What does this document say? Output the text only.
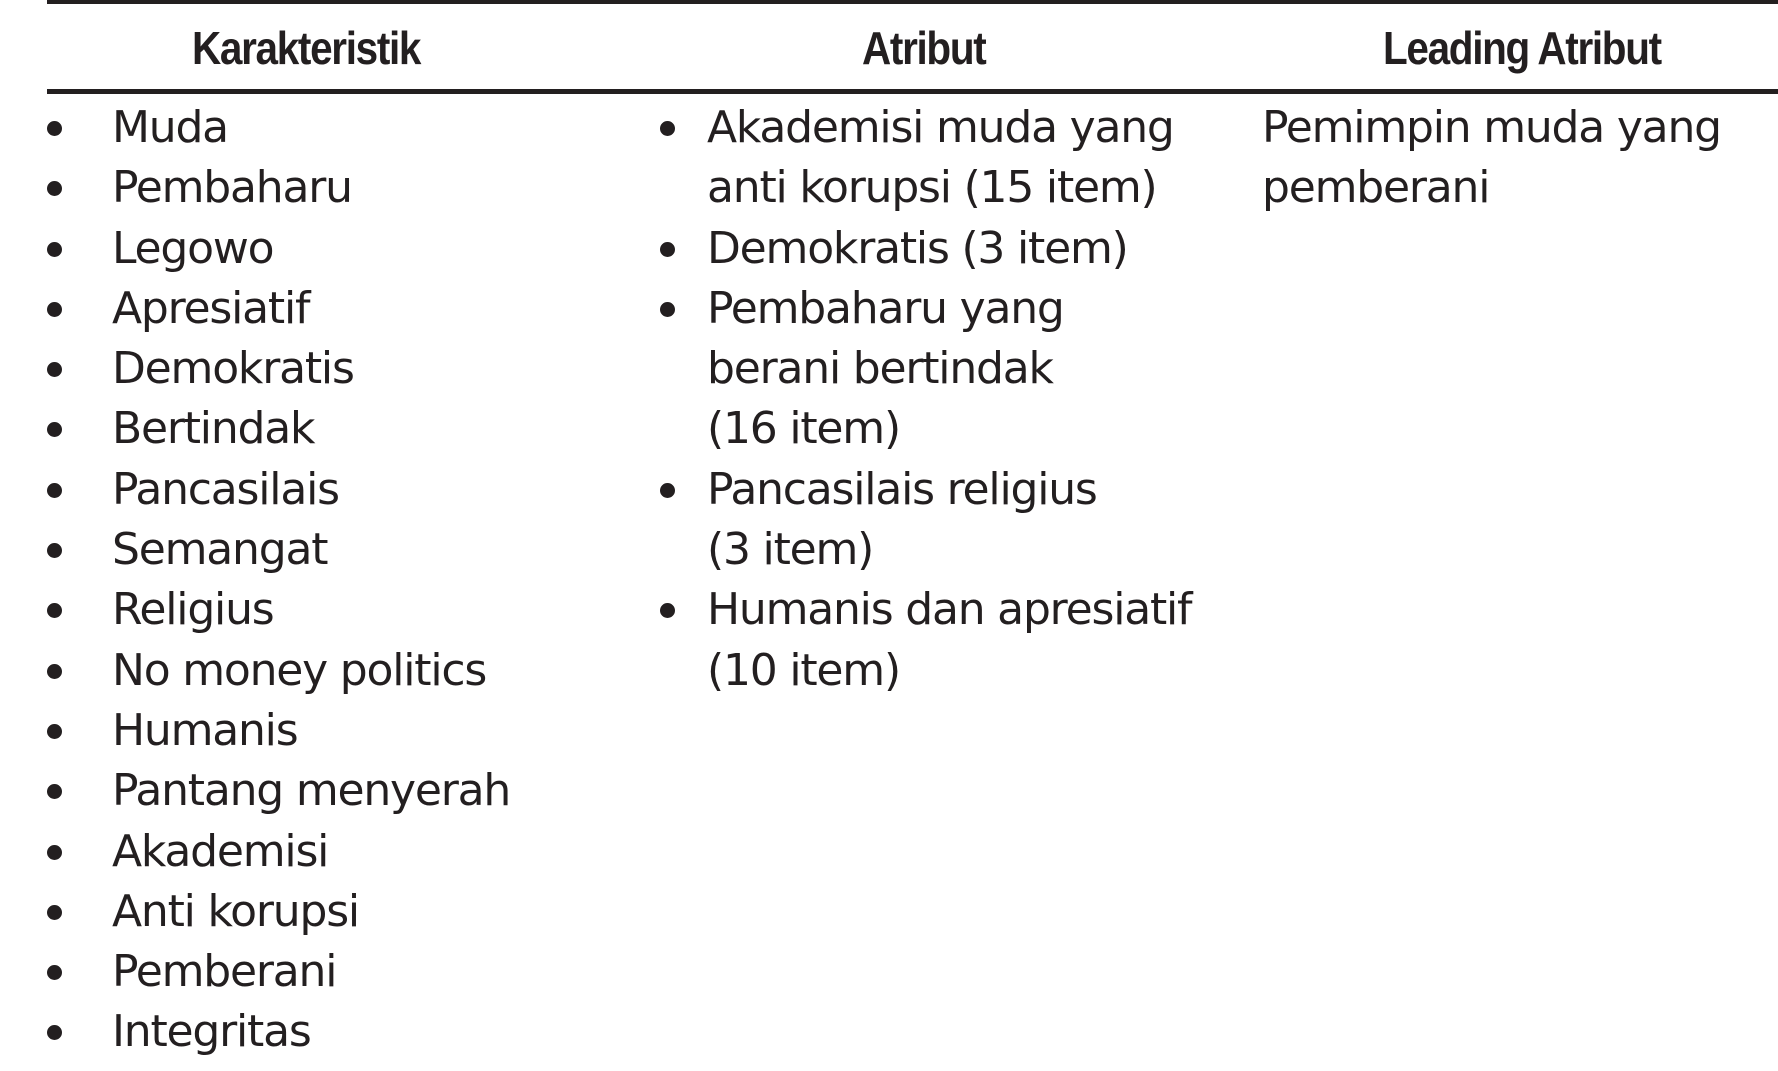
Karakteristik	Atribut	Leading Atribut
Muda
Pembaharu
Legowo
Apresiatif
Demokratis
Bertindak
Pancasilais
Semangat
Religius
No money politics
Humanis
Pantang menyerah
Akademisi
Anti korupsi
Pemberani
Integritas
Akademisi muda yang
anti korupsi (15 item)
Demokratis (3 item)
Pembaharu yang
berani bertindak
(16 item)
Pancasilais religius
(3 item)
Humanis dan apresiatif
(10 item)
Pemimpin muda yang
pemberani
